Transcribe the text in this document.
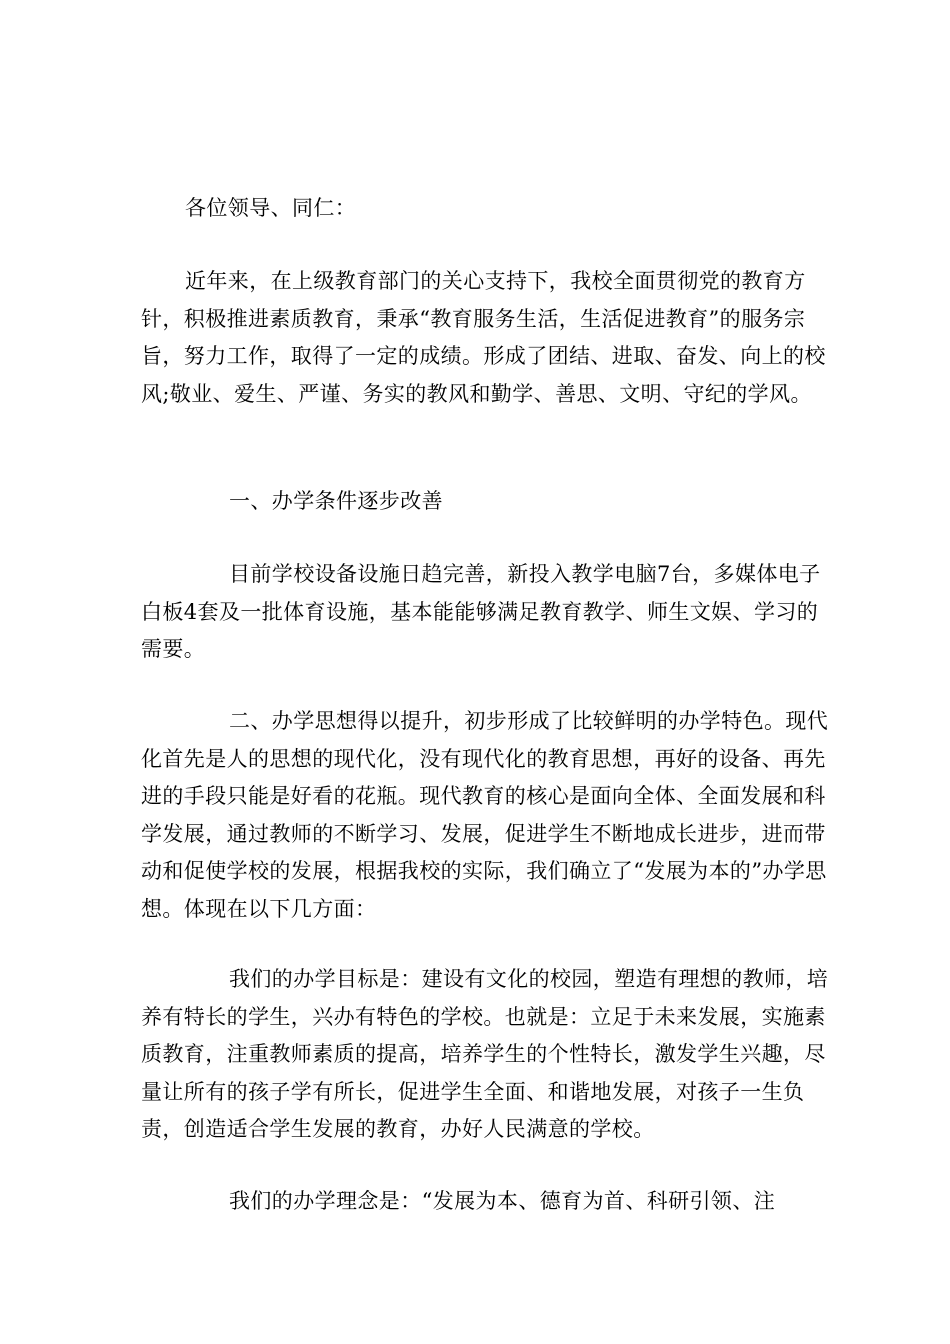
各位领导、同仁：

近年来，在上级教育部门的关心支持下，我校全面贯彻党的教育方针，积极推进素质教育，秉承“教育服务生活，生活促进教育”的服务宗旨，努力工作，取得了一定的成绩。形成了团结、进取、奋发、向上的校风;敬业、爱生、严谨、务实的教风和勤学、善思、文明、守纪的学风。

一、办学条件逐步改善

目前学校设备设施日趋完善，新投入教学电脑7台，多媒体电子白板4套及一批体育设施，基本能能够满足教育教学、师生文娱、学习的需要。

二、办学思想得以提升，初步形成了比较鲜明的办学特色。现代化首先是人的思想的现代化，没有现代化的教育思想，再好的设备、再先进的手段只能是好看的花瓶。现代教育的核心是面向全体、全面发展和科学发展，通过教师的不断学习、发展，促进学生不断地成长进步，进而带动和促使学校的发展，根据我校的实际，我们确立了“发展为本的”办学思想。体现在以下几方面：

我们的办学目标是：建设有文化的校园，塑造有理想的教师，培养有特长的学生，兴办有特色的学校。也就是：立足于未来发展，实施素质教育，注重教师素质的提高，培养学生的个性特长，激发学生兴趣，尽量让所有的孩子学有所长，促进学生全面、和谐地发展，对孩子一生负责，创造适合学生发展的教育，办好人民满意的学校。

我们的办学理念是：“发展为本、德育为首、科研引领、注
